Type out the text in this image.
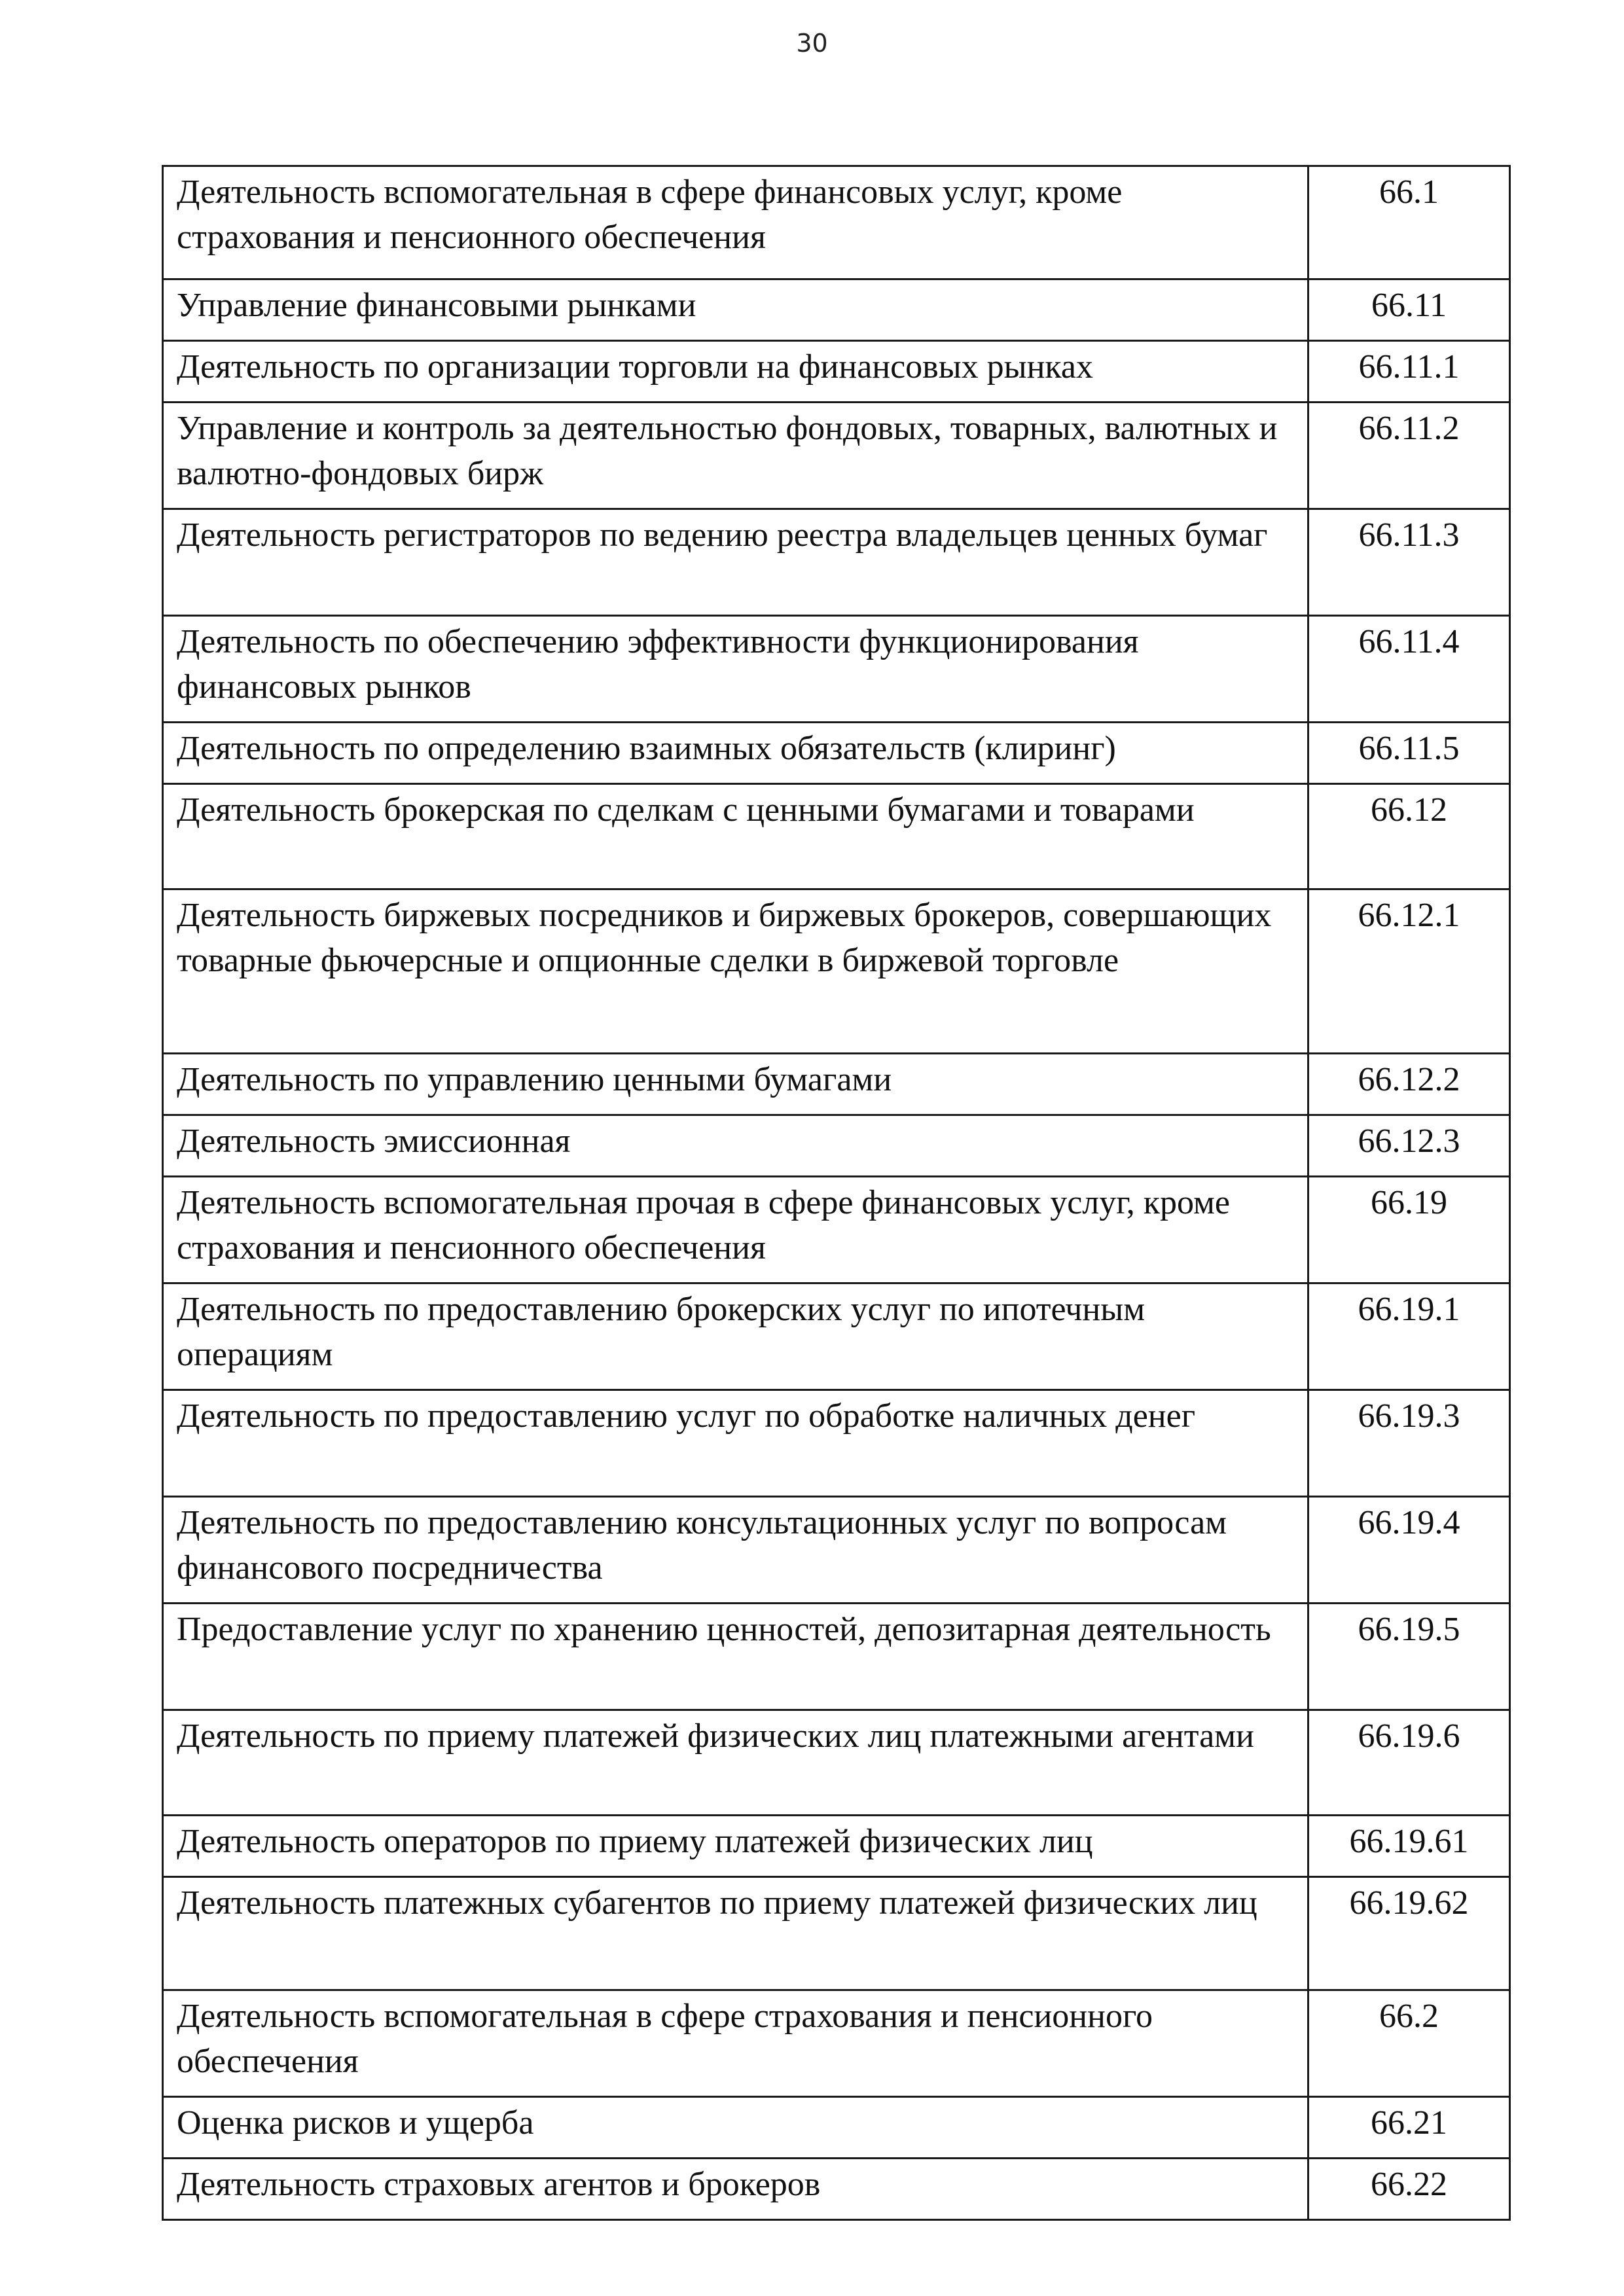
30
Деятельность вспомогательная в сфере финансовых услуг, кроме страхования и пенсионного обеспечения	66.1
Управление финансовыми рынками	66.11
Деятельность по организации торговли на финансовых рынках	66.11.1
Управление и контроль за деятельностью фондовых, товарных, валютных и валютно-фондовых бирж	66.11.2
Деятельность регистраторов по ведению реестра владельцев ценных бумаг	66.11.3
Деятельность по обеспечению эффективности функционирования финансовых рынков	66.11.4
Деятельность по определению взаимных обязательств (клиринг)	66.11.5
Деятельность брокерская по сделкам с ценными бумагами и товарами	66.12
Деятельность биржевых посредников и биржевых брокеров, совершающих товарные фьючерсные и опционные сделки в биржевой торговле	66.12.1
Деятельность по управлению ценными бумагами	66.12.2
Деятельность эмиссионная	66.12.3
Деятельность вспомогательная прочая в сфере финансовых услуг, кроме страхования и пенсионного обеспечения	66.19
Деятельность по предоставлению брокерских услуг по ипотечным операциям	66.19.1
Деятельность по предоставлению услуг по обработке наличных денег	66.19.3
Деятельность по предоставлению консультационных услуг по вопросам финансового посредничества	66.19.4
Предоставление услуг по хранению ценностей, депозитарная деятельность	66.19.5
Деятельность по приему платежей физических лиц платежными агентами	66.19.6
Деятельность операторов по приему платежей физических лиц	66.19.61
Деятельность платежных субагентов по приему платежей физических лиц	66.19.62
Деятельность вспомогательная в сфере страхования и пенсионного обеспечения	66.2
Оценка рисков и ущерба	66.21
Деятельность страховых агентов и брокеров	66.22
